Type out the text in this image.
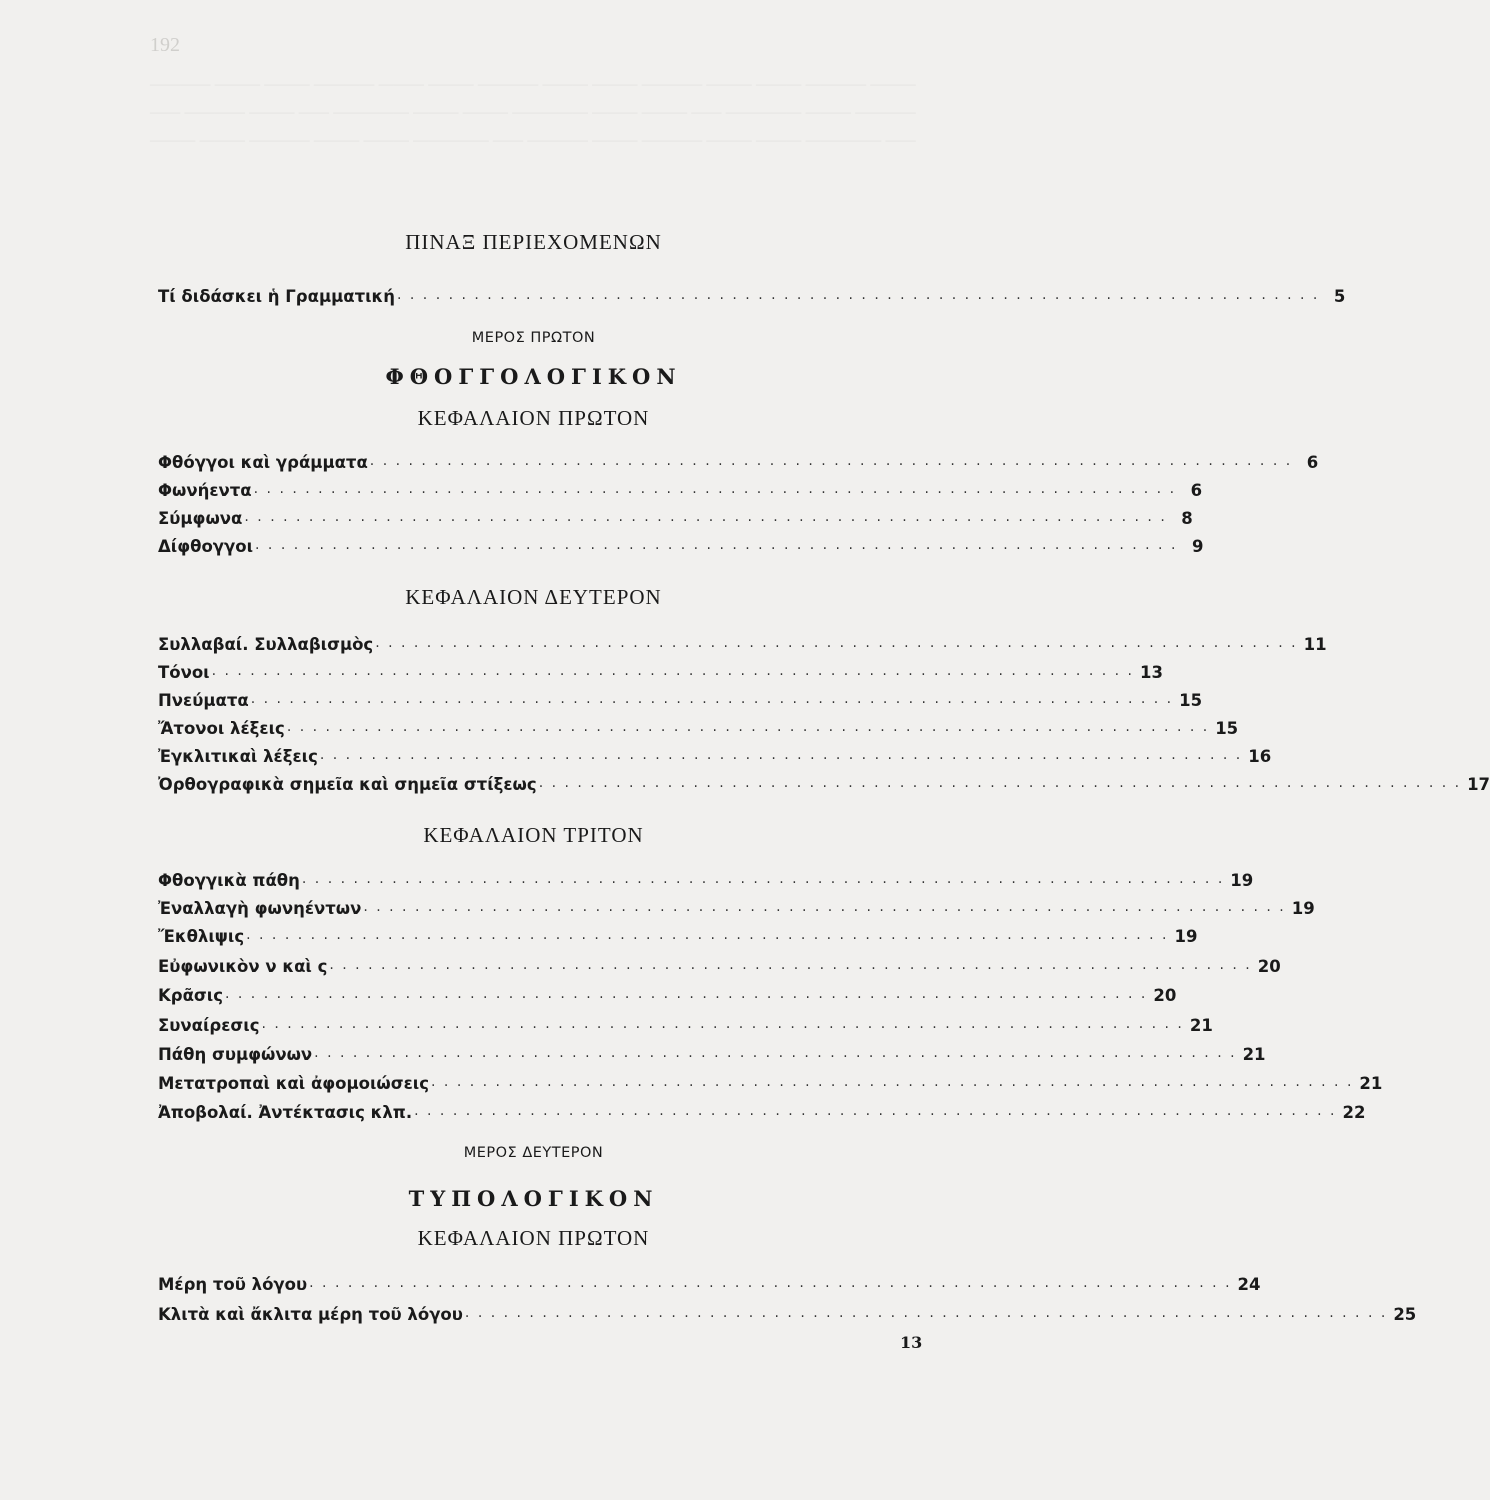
192
​———— ——— ——— ———— ——— ——— ———— ——— ——— ———— ——— ——— ———— ———
​—— ———— ——— —— ————— ——— ——— ————— ——— ——— —— ————— ——— ————
​——— ——— ———— ——— ——— ————— —— ———— ——— ———— ——— ——— ————— ——
ΠΙΝΑΞ ΠΕΡΙΕΧΟΜΕΝΩΝ
Τί διδάσκει ἡ Γραμματική . . . . . . . . . . . . . . . . . . . . . . . . . . . . . . . . . . . . . . . . . . . . . . . . . . . . . . . . . . . . . . . . . . . . . . . . 5
ΜΕΡΟΣ ΠΡΩΤΟΝ
ΦΘΟΓΓΟΛΟΓΙΚΟΝ
ΚΕΦΑΛΑΙΟΝ ΠΡΩΤΟΝ
Φθόγγοι καὶ γράμματα . . . . . . . . . . . . . . . . . . . . . . . . . . . . . . . . . . . . . . . . . . . . . . . . . . . . . . . . . . . . . . . . . . . . . . . . 6
Φωνήεντα . . . . . . . . . . . . . . . . . . . . . . . . . . . . . . . . . . . . . . . . . . . . . . . . . . . . . . . . . . . . . . . . . . . . . . . . 6
Σύμφωνα . . . . . . . . . . . . . . . . . . . . . . . . . . . . . . . . . . . . . . . . . . . . . . . . . . . . . . . . . . . . . . . . . . . . . . . . 8
Δίφθογγοι . . . . . . . . . . . . . . . . . . . . . . . . . . . . . . . . . . . . . . . . . . . . . . . . . . . . . . . . . . . . . . . . . . . . . . . . 9
ΚΕΦΑΛΑΙΟΝ ΔΕΥΤΕΡΟΝ
Συλλαβαί. Συλλαβισμὸς . . . . . . . . . . . . . . . . . . . . . . . . . . . . . . . . . . . . . . . . . . . . . . . . . . . . . . . . . . . . . . . . . . . . . . . . 11
Τόνοι . . . . . . . . . . . . . . . . . . . . . . . . . . . . . . . . . . . . . . . . . . . . . . . . . . . . . . . . . . . . . . . . . . . . . . . . 13
Πνεύματα . . . . . . . . . . . . . . . . . . . . . . . . . . . . . . . . . . . . . . . . . . . . . . . . . . . . . . . . . . . . . . . . . . . . . . . . 15
Ἄτονοι λέξεις . . . . . . . . . . . . . . . . . . . . . . . . . . . . . . . . . . . . . . . . . . . . . . . . . . . . . . . . . . . . . . . . . . . . . . . . 15
Ἐγκλιτικαὶ λέξεις . . . . . . . . . . . . . . . . . . . . . . . . . . . . . . . . . . . . . . . . . . . . . . . . . . . . . . . . . . . . . . . . . . . . . . . . 16
Ὀρθογραφικὰ σημεῖα καὶ σημεῖα στίξεως . . . . . . . . . . . . . . . . . . . . . . . . . . . . . . . . . . . . . . . . . . . . . . . . . . . . . . . . . . . . . . . . . . . . . . . . 17
ΚΕΦΑΛΑΙΟΝ ΤΡΙΤΟΝ
Φθογγικὰ πάθη . . . . . . . . . . . . . . . . . . . . . . . . . . . . . . . . . . . . . . . . . . . . . . . . . . . . . . . . . . . . . . . . . . . . . . . . 19
Ἐναλλαγὴ φωνηέντων . . . . . . . . . . . . . . . . . . . . . . . . . . . . . . . . . . . . . . . . . . . . . . . . . . . . . . . . . . . . . . . . . . . . . . . . 19
Ἔκθλιψις . . . . . . . . . . . . . . . . . . . . . . . . . . . . . . . . . . . . . . . . . . . . . . . . . . . . . . . . . . . . . . . . . . . . . . . . 19
Εὐφωνικὸν ν καὶ ς . . . . . . . . . . . . . . . . . . . . . . . . . . . . . . . . . . . . . . . . . . . . . . . . . . . . . . . . . . . . . . . . . . . . . . . . 20
Κρᾶσις . . . . . . . . . . . . . . . . . . . . . . . . . . . . . . . . . . . . . . . . . . . . . . . . . . . . . . . . . . . . . . . . . . . . . . . . 20
Συναίρεσις . . . . . . . . . . . . . . . . . . . . . . . . . . . . . . . . . . . . . . . . . . . . . . . . . . . . . . . . . . . . . . . . . . . . . . . . 21
Πάθη συμφώνων . . . . . . . . . . . . . . . . . . . . . . . . . . . . . . . . . . . . . . . . . . . . . . . . . . . . . . . . . . . . . . . . . . . . . . . . 21
Μετατροπαὶ καὶ ἀφομοιώσεις . . . . . . . . . . . . . . . . . . . . . . . . . . . . . . . . . . . . . . . . . . . . . . . . . . . . . . . . . . . . . . . . . . . . . . . . 21
Ἀποβολαί. Ἀντέκτασις κλπ. . . . . . . . . . . . . . . . . . . . . . . . . . . . . . . . . . . . . . . . . . . . . . . . . . . . . . . . . . . . . . . . . . . . . . . . . 22
ΜΕΡΟΣ ΔΕΥΤΕΡΟΝ
ΤΥΠΟΛΟΓΙΚΟΝ
ΚΕΦΑΛΑΙΟΝ ΠΡΩΤΟΝ
Μέρη τοῦ λόγου . . . . . . . . . . . . . . . . . . . . . . . . . . . . . . . . . . . . . . . . . . . . . . . . . . . . . . . . . . . . . . . . . . . . . . . . 24
Κλιτὰ καὶ ἄκλιτα μέρη τοῦ λόγου . . . . . . . . . . . . . . . . . . . . . . . . . . . . . . . . . . . . . . . . . . . . . . . . . . . . . . . . . . . . . . . . . . . . . . . . 25
13
